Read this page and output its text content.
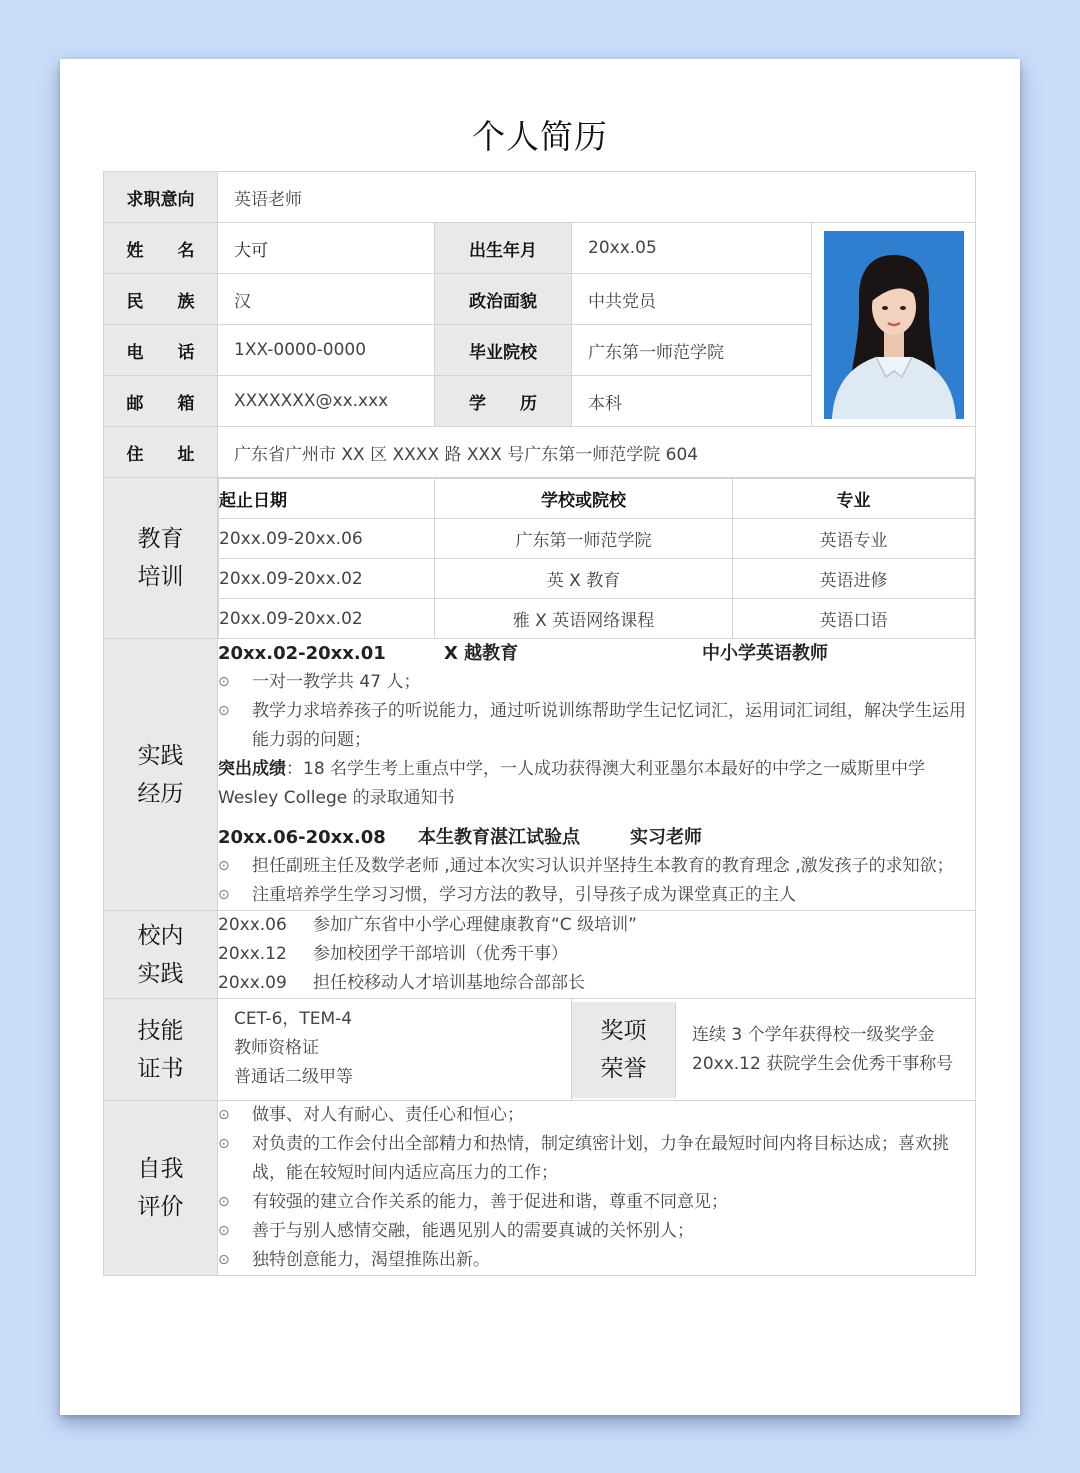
个人简历
求职意向	英语老师
姓　　名	大可	出生年月	20xx.05	

民　　族	汉	政治面貌	中共党员
电　　话	1XX-0000-0000	毕业院校	广东第一师范学院
邮　　箱	XXXXXXX@xx.xxx	学　　历	本科
住　　址	广东省广州市 XX 区 XXXX 路 XXX 号广东第一师范学院 604

教育
培训

起止日期	学校或院校	专业
20xx.09-20xx.06	广东第一师范学院	英语专业
20xx.09-20xx.02	英 X 教育	英语进修
20xx.09-20xx.02	雅 X 英语网络课程	英语口语

实践
经历

20xx.02-20xx.01	X 越教育	中小学英语教师
⊙	一对一教学共 47 人；
⊙	教学力求培养孩子的听说能力，通过听说训练帮助学生记忆词汇，运用词汇词组，解决学生运用能力弱的问题；
突出成绩：18 名学生考上重点中学，一人成功获得澳大利亚墨尔本最好的中学之一威斯里中学 Wesley College 的录取通知书
20xx.06-20xx.08	本生教育湛江试验点	实习老师
⊙	担任副班主任及数学老师 ,通过本次实习认识并坚持生本教育的教育理念 ,激发孩子的求知欲；
⊙	注重培养学生学习习惯，学习方法的教导，引导孩子成为课堂真正的主人

校内
实践

20xx.06	参加广东省中小学心理健康教育“C 级培训”
20xx.12	参加校团学干部培训（优秀干事）
20xx.09	担任校移动人才培训基地综合部部长

技能
证书

CET-6，TEM-4
教师资格证
普通话二级甲等

奖项
荣誉
连续 3 个学年获得校一级奖学金
20xx.12 获院学生会优秀干事称号

自我
评价

⊙	做事、对人有耐心、责任心和恒心；
⊙	对负责的工作会付出全部精力和热情，制定缜密计划，力争在最短时间内将目标达成；喜欢挑战，能在较短时间内适应高压力的工作；
⊙	有较强的建立合作关系的能力，善于促进和谐，尊重不同意见；
⊙	善于与别人感情交融，能遇见别人的需要真诚的关怀别人；
⊙	独特创意能力，渴望推陈出新。
